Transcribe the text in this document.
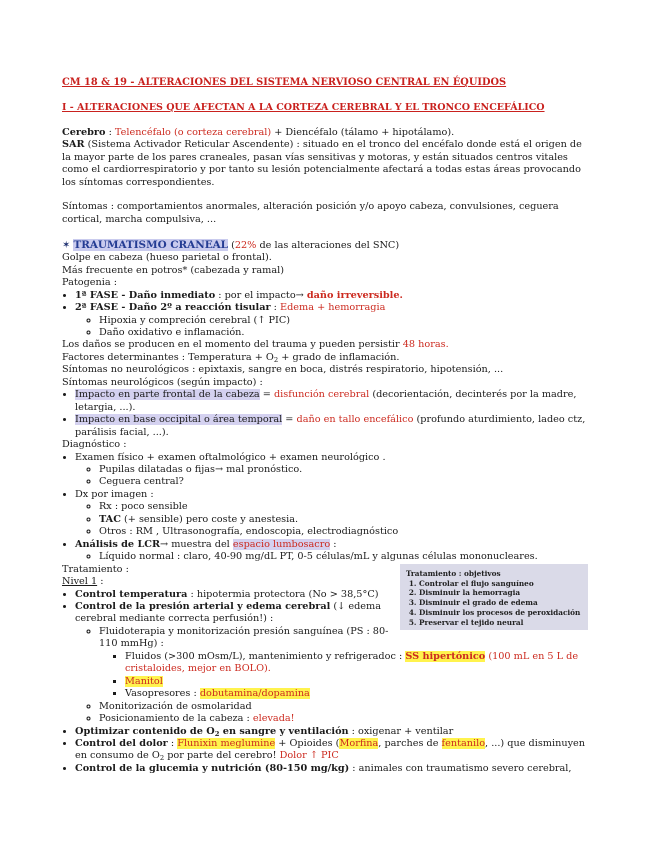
CM 18 & 19 - ALTERACIONES DEL SISTEMA NERVIOSO CENTRAL EN ÉQUIDOS

I - ALTERACIONES QUE AFECTAN A LA CORTEZA CEREBRAL Y EL TRONCO ENCEFÁLICO

Cerebro : Telencéfalo (o corteza cerebral) + Diencéfalo (tálamo + hipotálamo).

SAR (Sistema Activador Reticular Ascendente) : situado en el tronco del encéfalo donde está el origen de la mayor parte de los pares craneales, pasan vías sensitivas y motoras, y están situados centros vitales como el cardiorrespiratorio y por tanto su lesión potencialmente afectará a todas estas áreas provocando los síntomas correspondientes.

Síntomas : comportamientos anormales, alteración posición y/o apoyo cabeza, convulsiones, ceguera cortical, marcha compulsiva, ...

✶ TRAUMATISMO CRANEAL (22% de las alteraciones del SNC)

Golpe en cabeza (hueso parietal o frontal).

Más frecuente en potros* (cabezada y ramal)

Patogenia :

• 1ª FASE - Daño inmediato : por el impacto→ daño irreversible.
• 2ª FASE - Daño 2º a reacción tisular : Edema + hemorragia
◦ Hipoxia y compreción cerebral (↑ PIC)
◦ Daño oxidativo e inflamación.

Los daños se producen en el momento del trauma y pueden persistir 48 horas.

Factores determinantes : Temperatura + $O_2$ + grado de inflamación.

Síntomas no neurológicos : epixtaxis, sangre en boca, distrés respiratorio, hipotensión, ...

Síntomas neurológicos (según impacto) :

• Impacto en parte frontal de la cabeza = disfunción cerebral (decorientación, decinterés por la madre, letargia, ...).
• Impacto en base occipital o área temporal = daño en tallo encefálico (profundo aturdimiento, ladeo ctz, parálisis facial, ...).

Diagnóstico :

• Examen físico + examen oftalmológico + examen neurológico .
◦ Pupilas dilatadas o fijas→ mal pronóstico.
◦ Ceguera central?
• Dx por imagen :
◦ Rx : poco sensible
◦ TAC (+ sensible) pero coste y anestesia.
◦ Otros : RM , Ultrasonografía, endoscopia, electrodiagnóstico
• Análisis de LCR→ muestra del espacio lumbosacro :
◦ Líquido normal : claro, 40-90 mg/dL PT, 0-5 células/mL y algunas células mononucleares.
Tratamiento : objetivos
1. Controlar el flujo sanguíneo
2. Disminuir la hemorragia
3. Disminuir el grado de edema
4. Disminuir los procesos de peroxidación
5. Preservar el tejido neural

Tratamiento :

Nivel 1 :

• Control temperatura : hipotermia protectora (No > 38,5°C)
• Control de la presión arterial y edema cerebral (↓ edema cerebral mediante correcta perfusión!) :
◦ Fluidoterapia y monitorización presión sanguínea (PS : 80-110 mmHg) :
▪ Fluidos (>300 mOsm/L), mantenimiento y refrigeradoc : SS hipertónico (100 mL en 5 L de cristaloides, mejor en BOLO).
▪ Manitol
▪ Vasopresores : dobutamina/dopamina
◦ Monitorización de osmolaridad
◦ Posicionamiento de la cabeza : elevada!
• Optimizar contenido de $O_2$ en sangre y ventilación : oxigenar + ventilar
• Control del dolor : Flunixin meglumine + Opioides (Morfina, parches de fentanilo, ...) que disminuyen en consumo de $O_2$ por parte del cerebro! Dolor ↑ PIC
• Control de la glucemia y nutrición (80-150 mg/kg) : animales con traumatismo severo cerebral,
